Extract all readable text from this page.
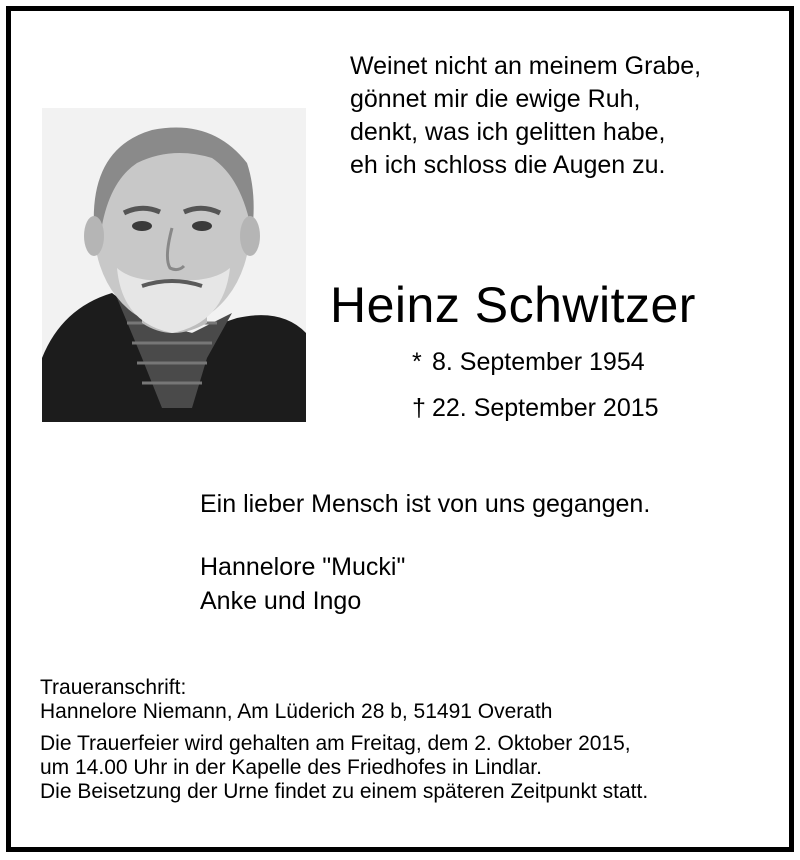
Weinet nicht an meinem Grabe,
gönnet mir die ewige Ruh,
denkt, was ich gelitten habe,
eh ich schloss die Augen zu.
Heinz Schwitzer
* 8. September 1954
† 22. September 2015
Ein lieber Mensch ist von uns gegangen.
Hannelore "Mucki"
Anke und Ingo
Traueranschrift:
Hannelore Niemann, Am Lüderich 28 b, 51491 Overath
Die Trauerfeier wird gehalten am Freitag, dem 2. Oktober 2015,
um 14.00 Uhr in der Kapelle des Friedhofes in Lindlar.
Die Beisetzung der Urne findet zu einem späteren Zeitpunkt statt.
